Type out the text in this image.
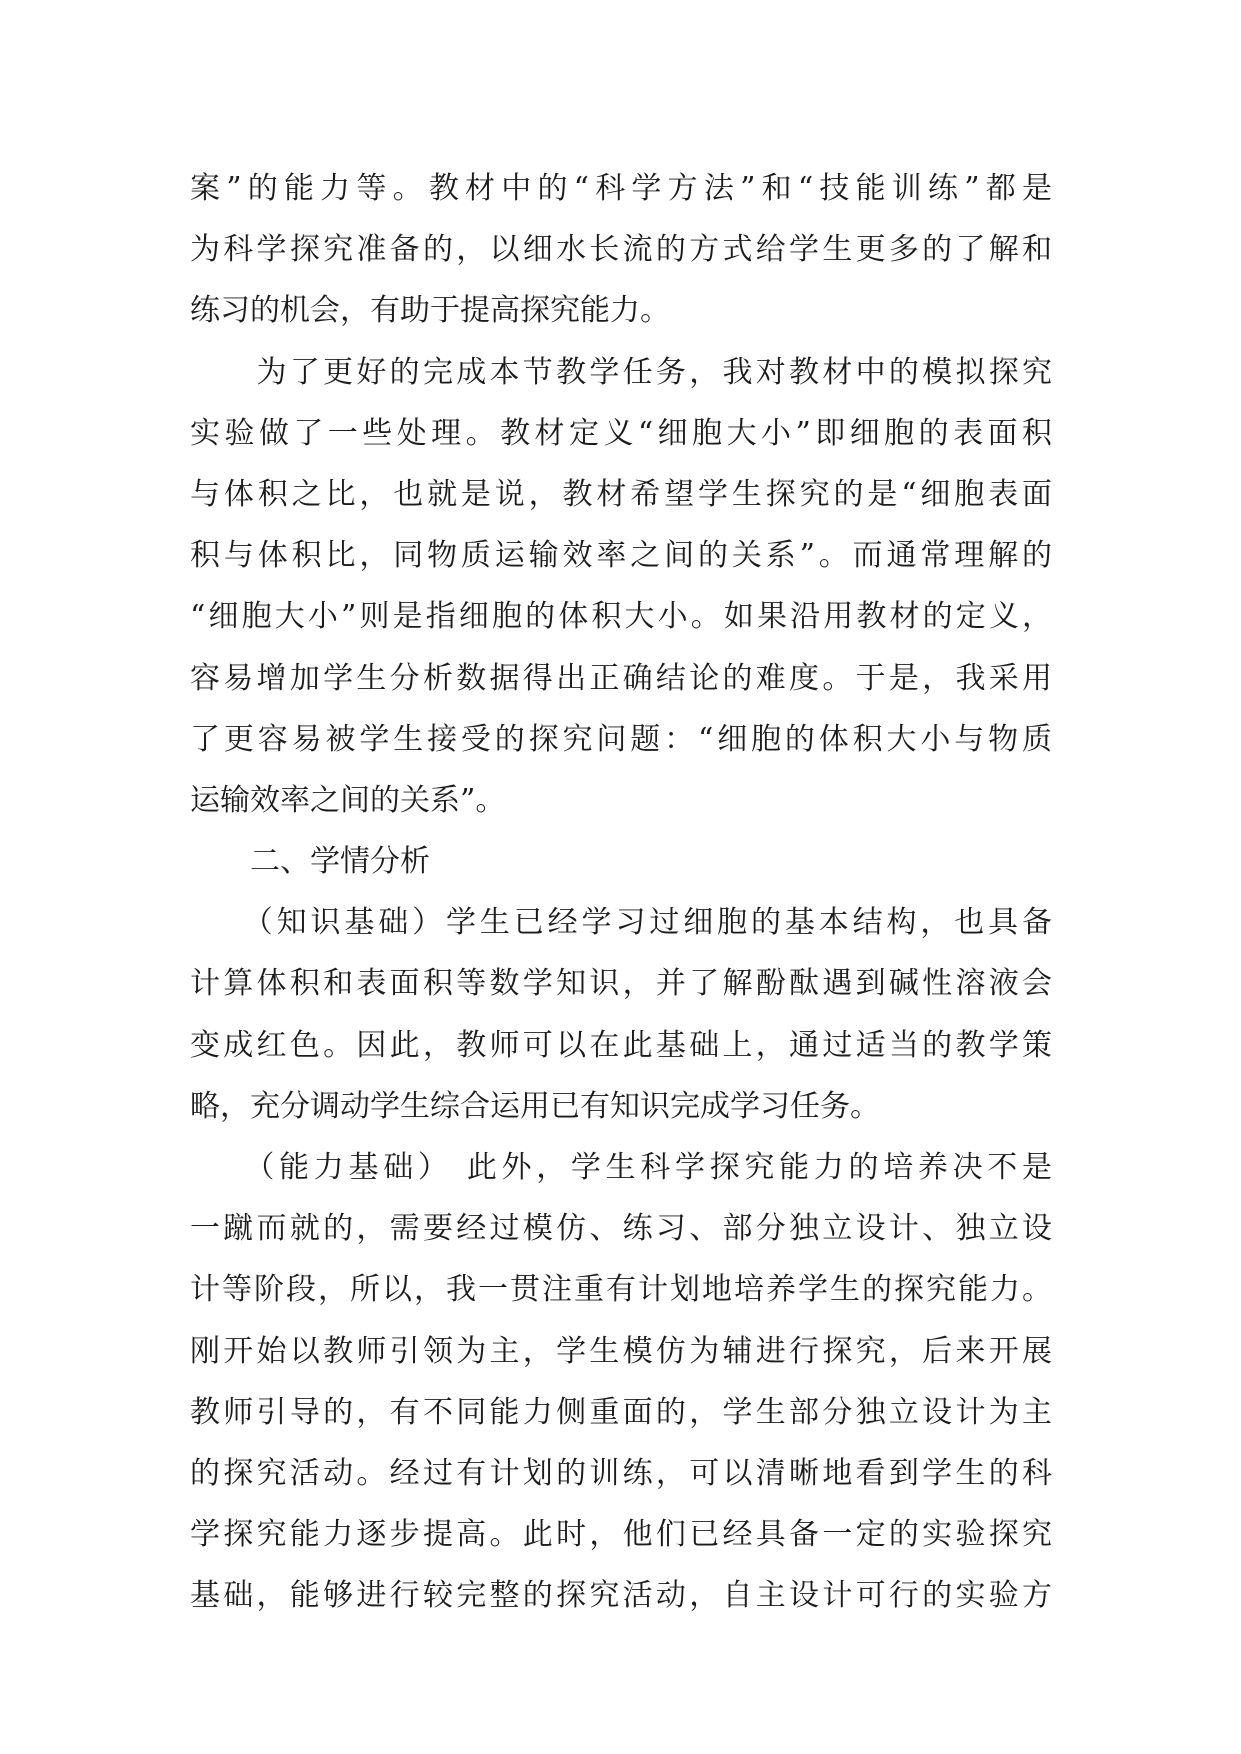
案”的能力等。教材中的“科学方法”和“技能训练”都是
为科学探究准备的，以细水长流的方式给学生更多的了解和
练习的机会，有助于提高探究能力。
　　为了更好的完成本节教学任务，我对教材中的模拟探究
实验做了一些处理。教材定义“细胞大小”即细胞的表面积
与体积之比，也就是说，教材希望学生探究的是“细胞表面
积与体积比，同物质运输效率之间的关系”。而通常理解的
“细胞大小”则是指细胞的体积大小。如果沿用教材的定义，
容易增加学生分析数据得出正确结论的难度。于是，我采用
了更容易被学生接受的探究问题：“细胞的体积大小与物质
运输效率之间的关系”。
　　二、学情分析
　　（知识基础）学生已经学习过细胞的基本结构，也具备
计算体积和表面积等数学知识，并了解酚酞遇到碱性溶液会
变成红色。因此，教师可以在此基础上，通过适当的教学策
略，充分调动学生综合运用已有知识完成学习任务。
　　（能力基础） 此外，学生科学探究能力的培养决不是
一蹴而就的，需要经过模仿、练习、部分独立设计、独立设
计等阶段，所以，我一贯注重有计划地培养学生的探究能力。
刚开始以教师引领为主，学生模仿为辅进行探究，后来开展
教师引导的，有不同能力侧重面的，学生部分独立设计为主
的探究活动。经过有计划的训练，可以清晰地看到学生的科
学探究能力逐步提高。此时，他们已经具备一定的实验探究
基础，能够进行较完整的探究活动，自主设计可行的实验方
